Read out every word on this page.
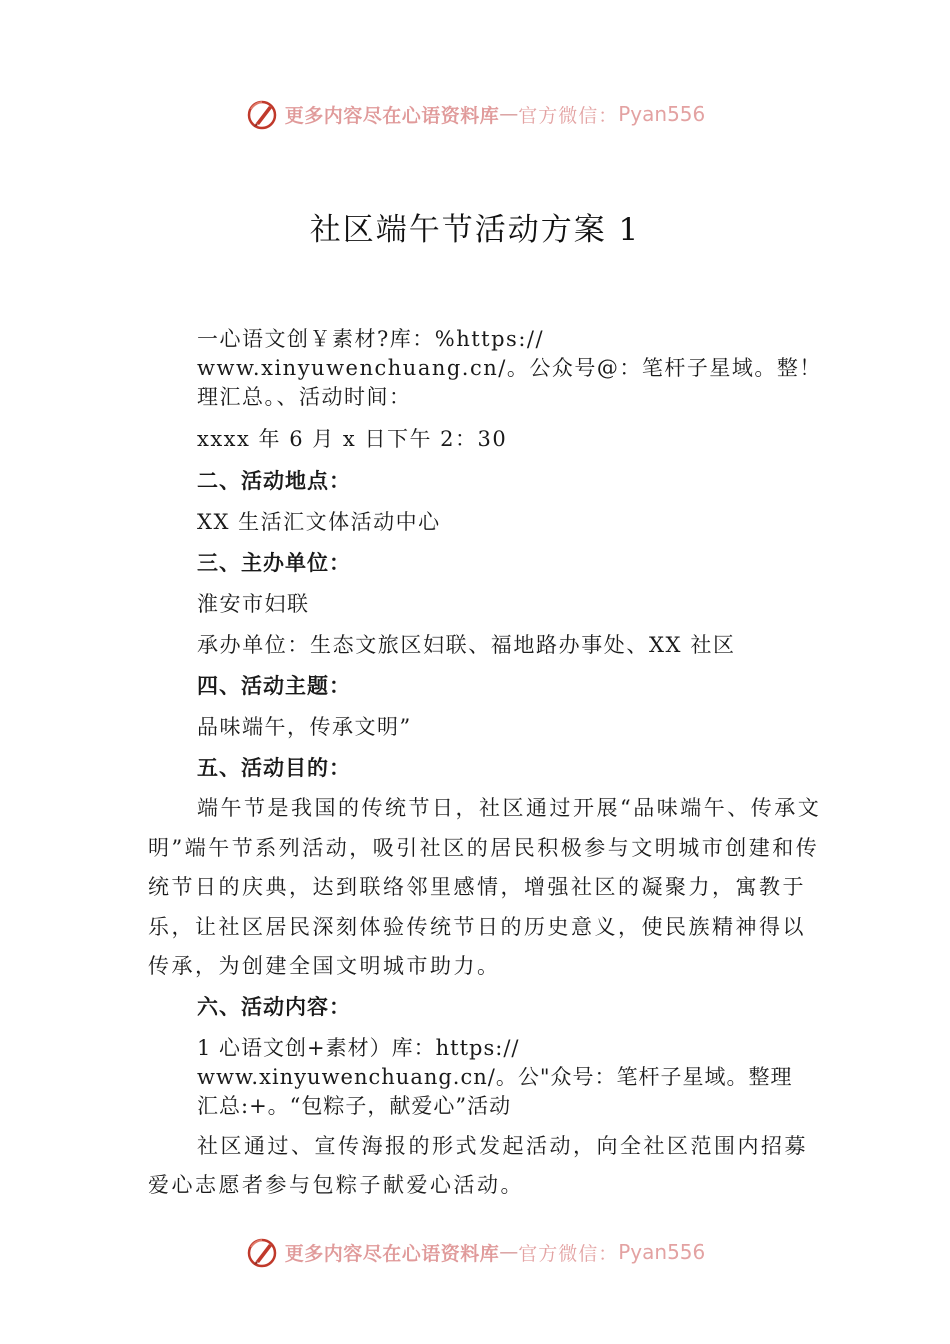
更多内容尽在心语资料库 — 官方微信： Pyan556
社区端午节活动方案 1

一心语文创￥素材?库：%https://

www.xinyuwenchuang.cn/。公众号@：笔杆子星域。整！

理汇总。、活动时间：

xxxx 年 6 月 x 日下午 2：30

二、活动地点：

XX 生活汇文体活动中心

三、主办单位：

淮安市妇联

承办单位：生态文旅区妇联、福地路办事处、XX 社区

四、活动主题：

品味端午，传承文明”

五、活动目的：

端午节是我国的传统节日，社区通过开展“品味端午、传承文明”端午节系列活动，吸引社区的居民积极参与文明城市创建和传统节日的庆典，达到联络邻里感情，增强社区的凝聚力，寓教于乐，让社区居民深刻体验传统节日的历史意义，使民族精神得以传承，为创建全国文明城市助力。

六、活动内容：

1 心语文创+素材）库：https://

www.xinyuwenchuang.cn/。公"众号：笔杆子星域。整理

汇总:+。“包粽子，献爱心”活动

社区通过、宣传海报的形式发起活动，向全社区范围内招募爱心志愿者参与包粽子献爱心活动。

更多内容尽在心语资料库 — 官方微信： Pyan556
